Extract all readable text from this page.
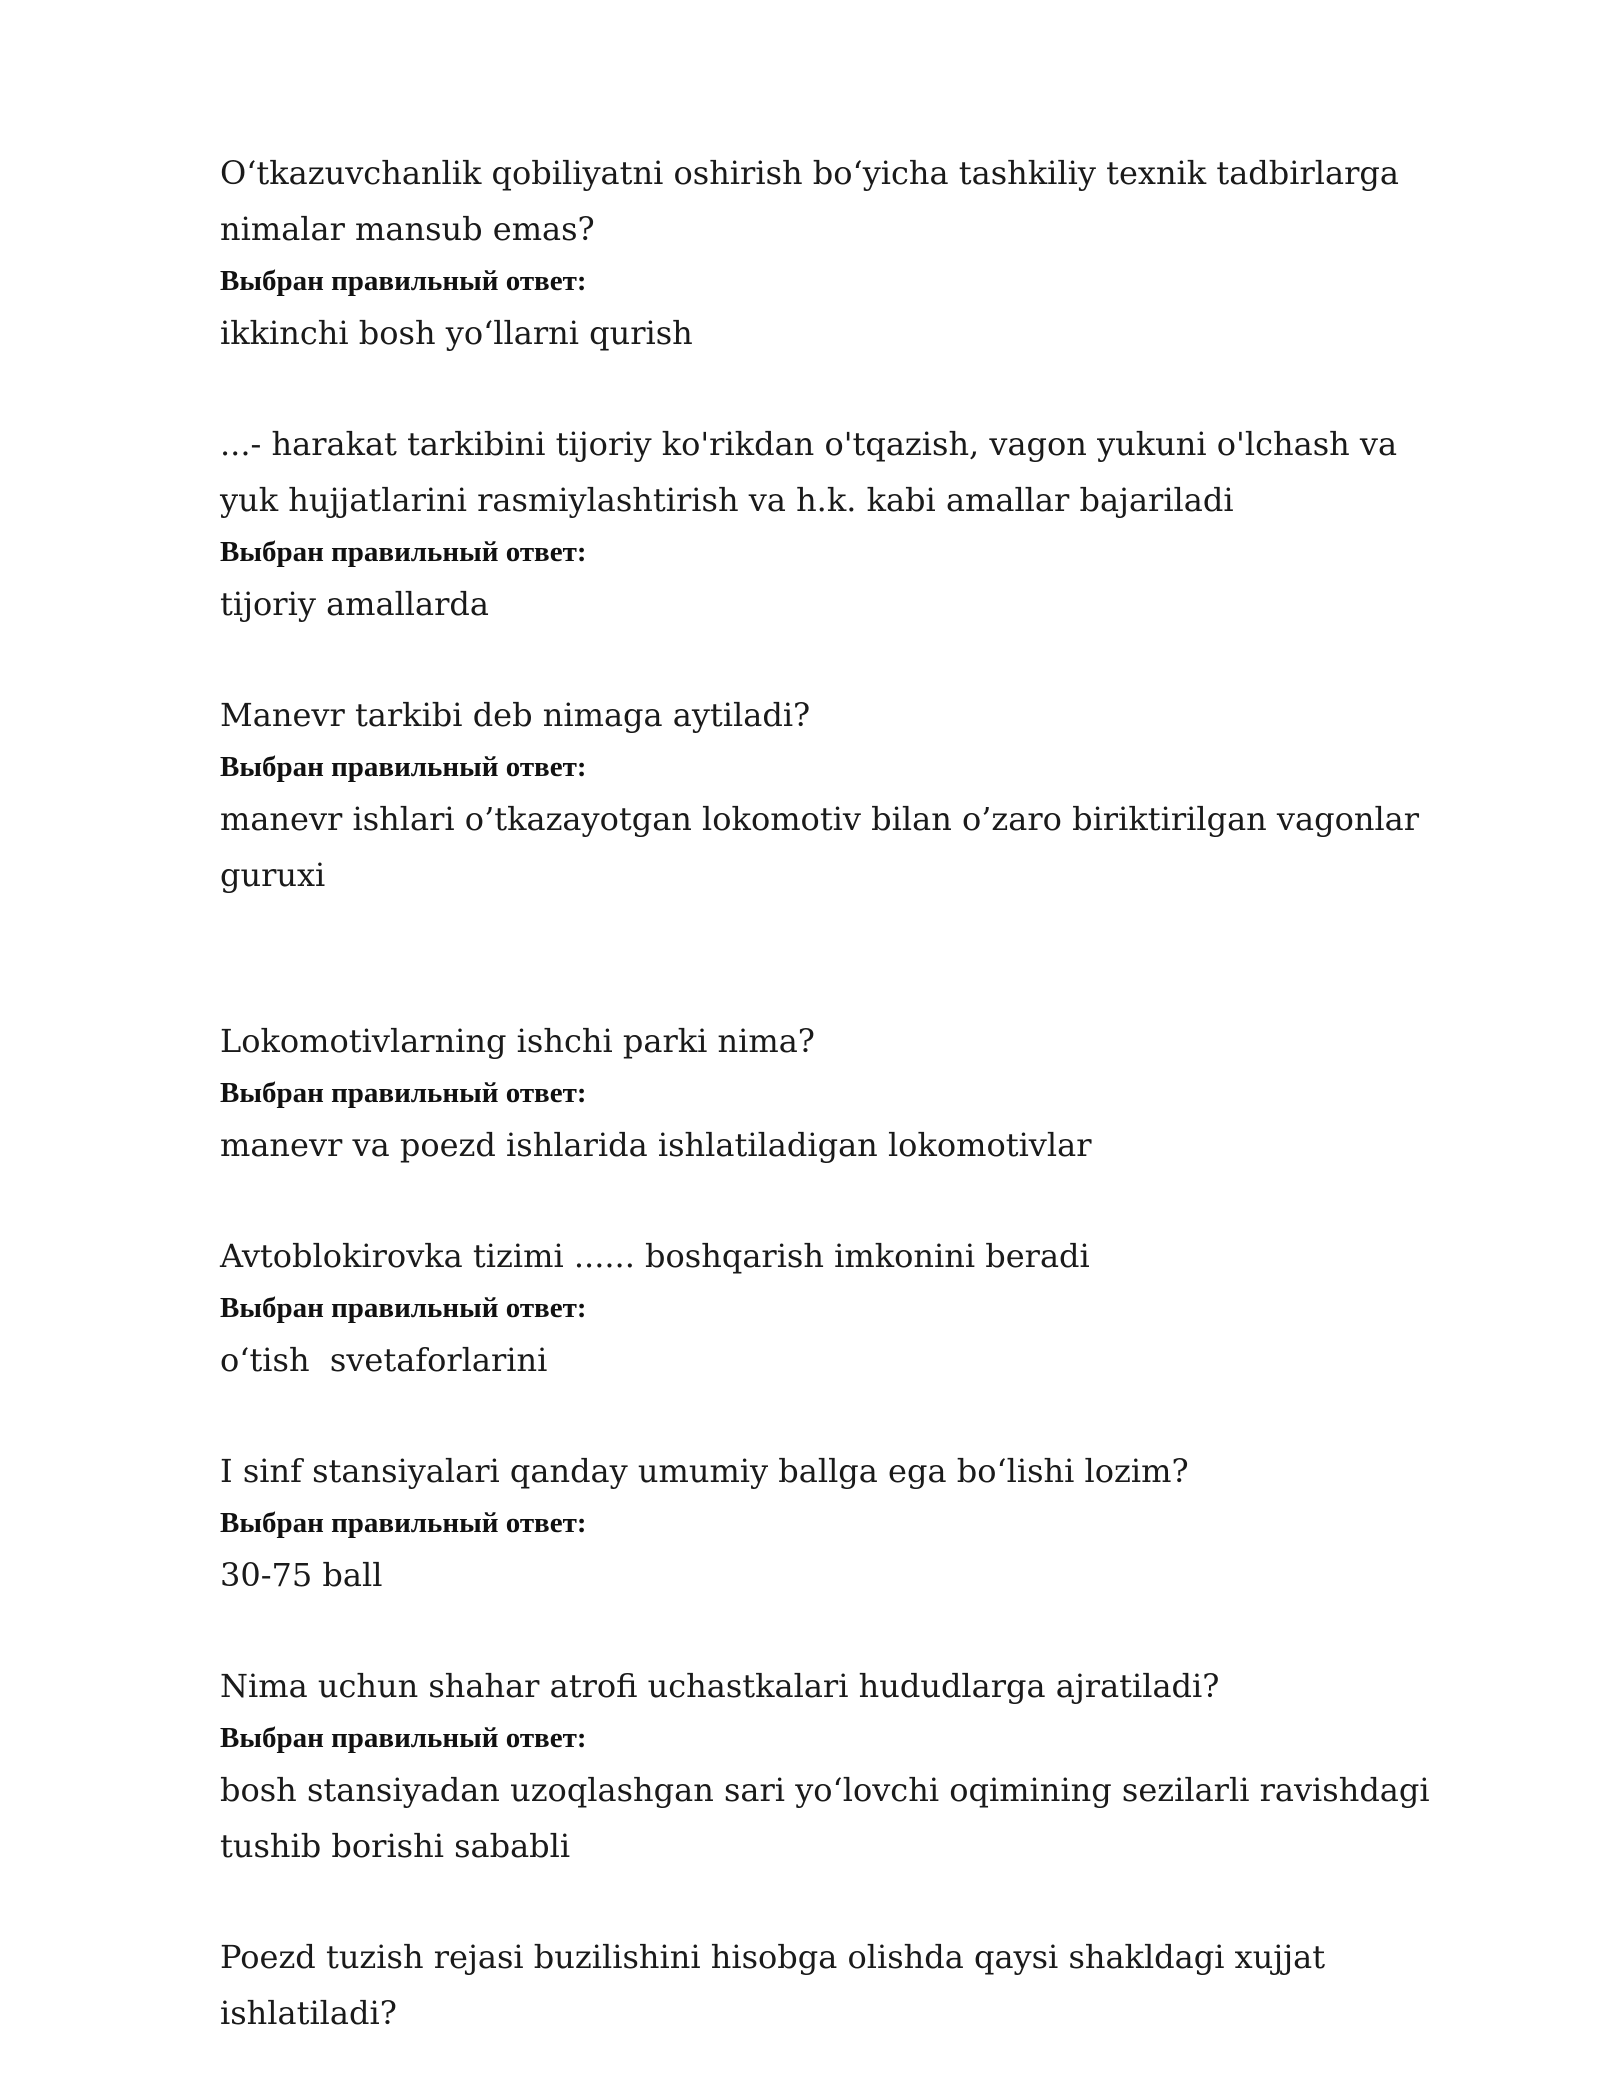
O‘tkazuvchanlik qobiliyatni oshirish bo‘yicha tashkiliy texnik tadbirlarga nimalar mansub emas?

Выбран правильный ответ:

ikkinchi bosh yo‘llarni qurish

...- harakat tarkibini tijoriy ko'rikdan o'tqazish, vagon yukuni o'lchash va yuk hujjatlarini rasmiylashtirish va h.k. kabi amallar bajariladi

Выбран правильный ответ:

tijoriy amallarda

Manevr tarkibi deb nimaga aytiladi?

Выбран правильный ответ:

manevr ishlari o’tkazayotgan lokomotiv bilan o’zaro biriktirilgan vagonlar guruxi

Lokomotivlarning ishchi parki nima?

Выбран правильный ответ:

manevr va poezd ishlarida ishlatiladigan lokomotivlar

Avtoblokirovka tizimi ...... boshqarish imkonini beradi

Выбран правильный ответ:

o‘tish  svetaforlarini

I sinf stansiyalari qanday umumiy ballga ega bo‘lishi lozim?

Выбран правильный ответ:

30-75 ball

Nima uchun shahar atrofi uchastkalari hududlarga ajratiladi?

Выбран правильный ответ:

bosh stansiyadan uzoqlashgan sari yo‘lovchi oqimining sezilarli ravishdagi tushib borishi sababli

Poezd tuzish rejasi buzilishini hisobga olishda qaysi shakldagi xujjat ishlatiladi?
